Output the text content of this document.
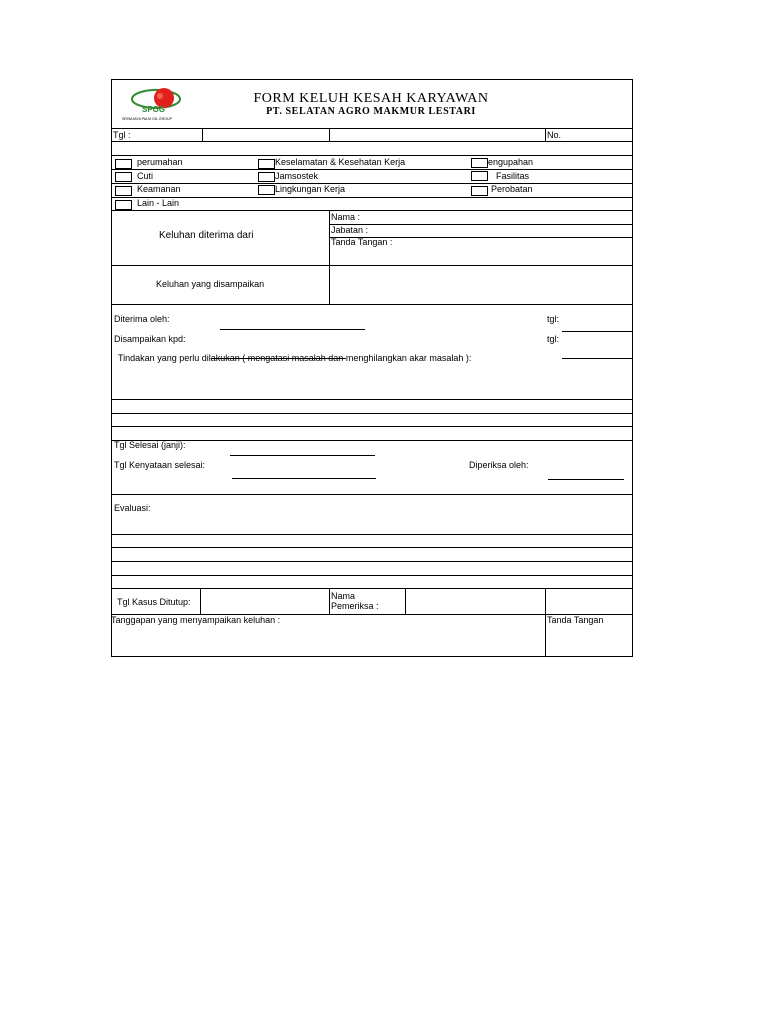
SPOG
SRIWIJAYA PALM OIL GROUP
FORM KELUH KESAH KARYAWAN
PT. SELATAN AGRO MAKMUR LESTARI
Tgl :	No.
perumahan	Keselamatan & Kesehatan Kerja	engupahan
Cuti	Jamsostek	Fasilitas
Keamanan	Lingkungan Kerja	Perobatan
Lain - Lain
Keluhan diterima dari
Nama :
Jabatan :
Tanda Tangan :
Keluhan yang disampaikan
Diterima oleh:	tgl:
Disampaikan kpd:	tgl:
Tindakan yang perlu dilakukan ( mengatasi masalah dan menghilangkan akar masalah ):
Tgl Selesai (janji):
Tgl Kenyataan selesai:	Diperiksa oleh:
Evaluasi:
Tgl Kasus Ditutup:
Nama
Pemeriksa :
Tanggapan yang menyampaikan keluhan :	Tanda Tangan
